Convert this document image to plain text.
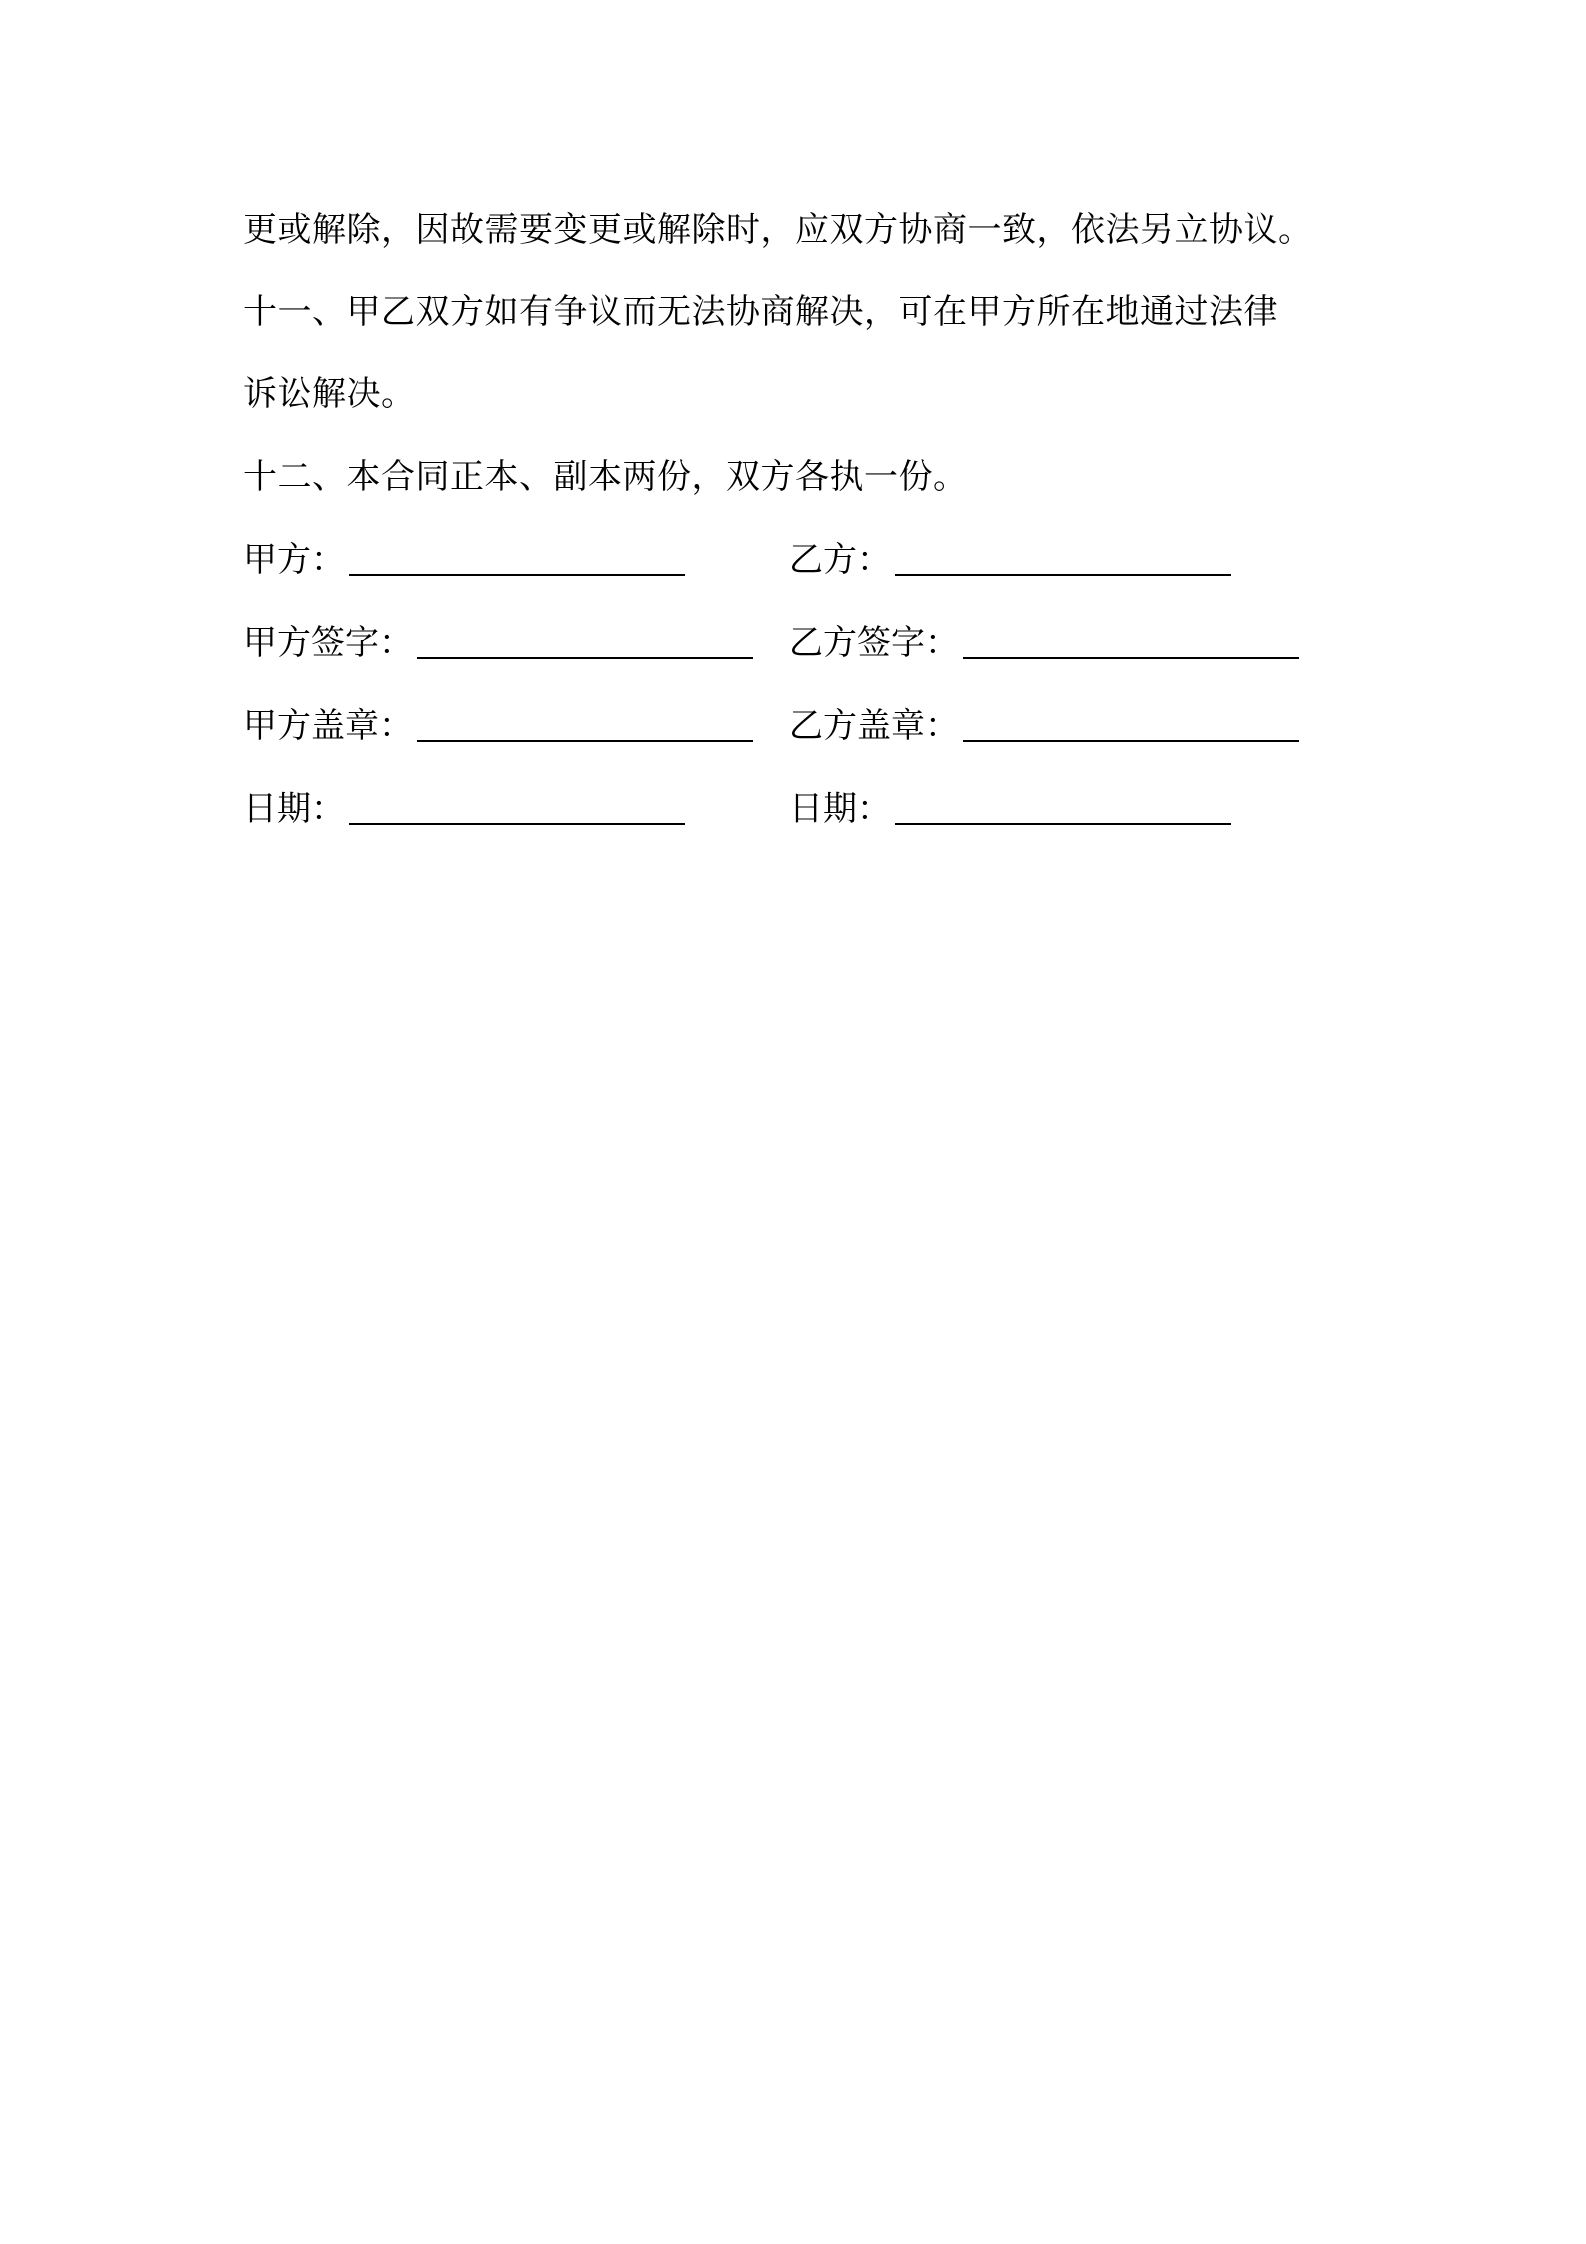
更或解除，因故需要变更或解除时，应双方协商一致，依法另立协议。
十一、甲乙双方如有争议而无法协商解决，可在甲方所在地通过法律
诉讼解决。
十二、本合同正本、副本两份，双方各执一份。
甲方：	乙方：
甲方签字：	乙方签字：
甲方盖章：	乙方盖章：
日期：	日期：
